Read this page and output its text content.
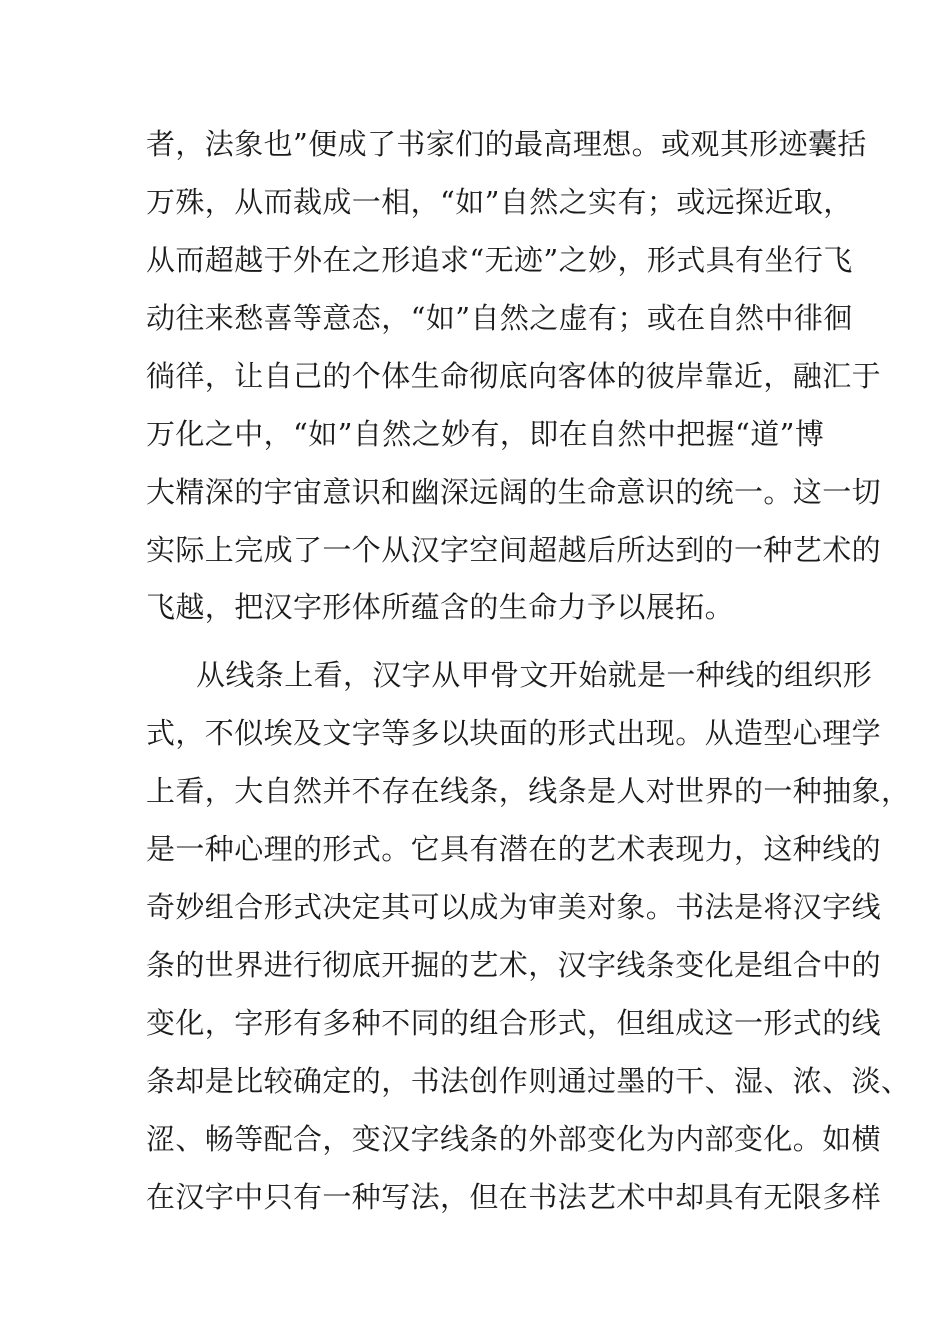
者，法象也”便成了书家们的最高理想。或观其形迹囊括
万殊，从而裁成一相，“如”自然之实有；或远探近取，
从而超越于外在之形追求“无迹”之妙，形式具有坐行飞
动往来愁喜等意态，“如”自然之虚有；或在自然中徘徊
徜徉，让自己的个体生命彻底向客体的彼岸靠近，融汇于
万化之中，“如”自然之妙有，即在自然中把握“道”博
大精深的宇宙意识和幽深远阔的生命意识的统一。这一切
实际上完成了一个从汉字空间超越后所达到的一种艺术的
飞越，把汉字形体所蕴含的生命力予以展拓。
从线条上看，汉字从甲骨文开始就是一种线的组织形
式，不似埃及文字等多以块面的形式出现。从造型心理学
上看，大自然并不存在线条，线条是人对世界的一种抽象，
是一种心理的形式。它具有潜在的艺术表现力，这种线的
奇妙组合形式决定其可以成为审美对象。书法是将汉字线
条的世界进行彻底开掘的艺术，汉字线条变化是组合中的
变化，字形有多种不同的组合形式，但组成这一形式的线
条却是比较确定的，书法创作则通过墨的干、湿、浓、淡、
涩、畅等配合，变汉字线条的外部变化为内部变化。如横
在汉字中只有一种写法，但在书法艺术中却具有无限多样
